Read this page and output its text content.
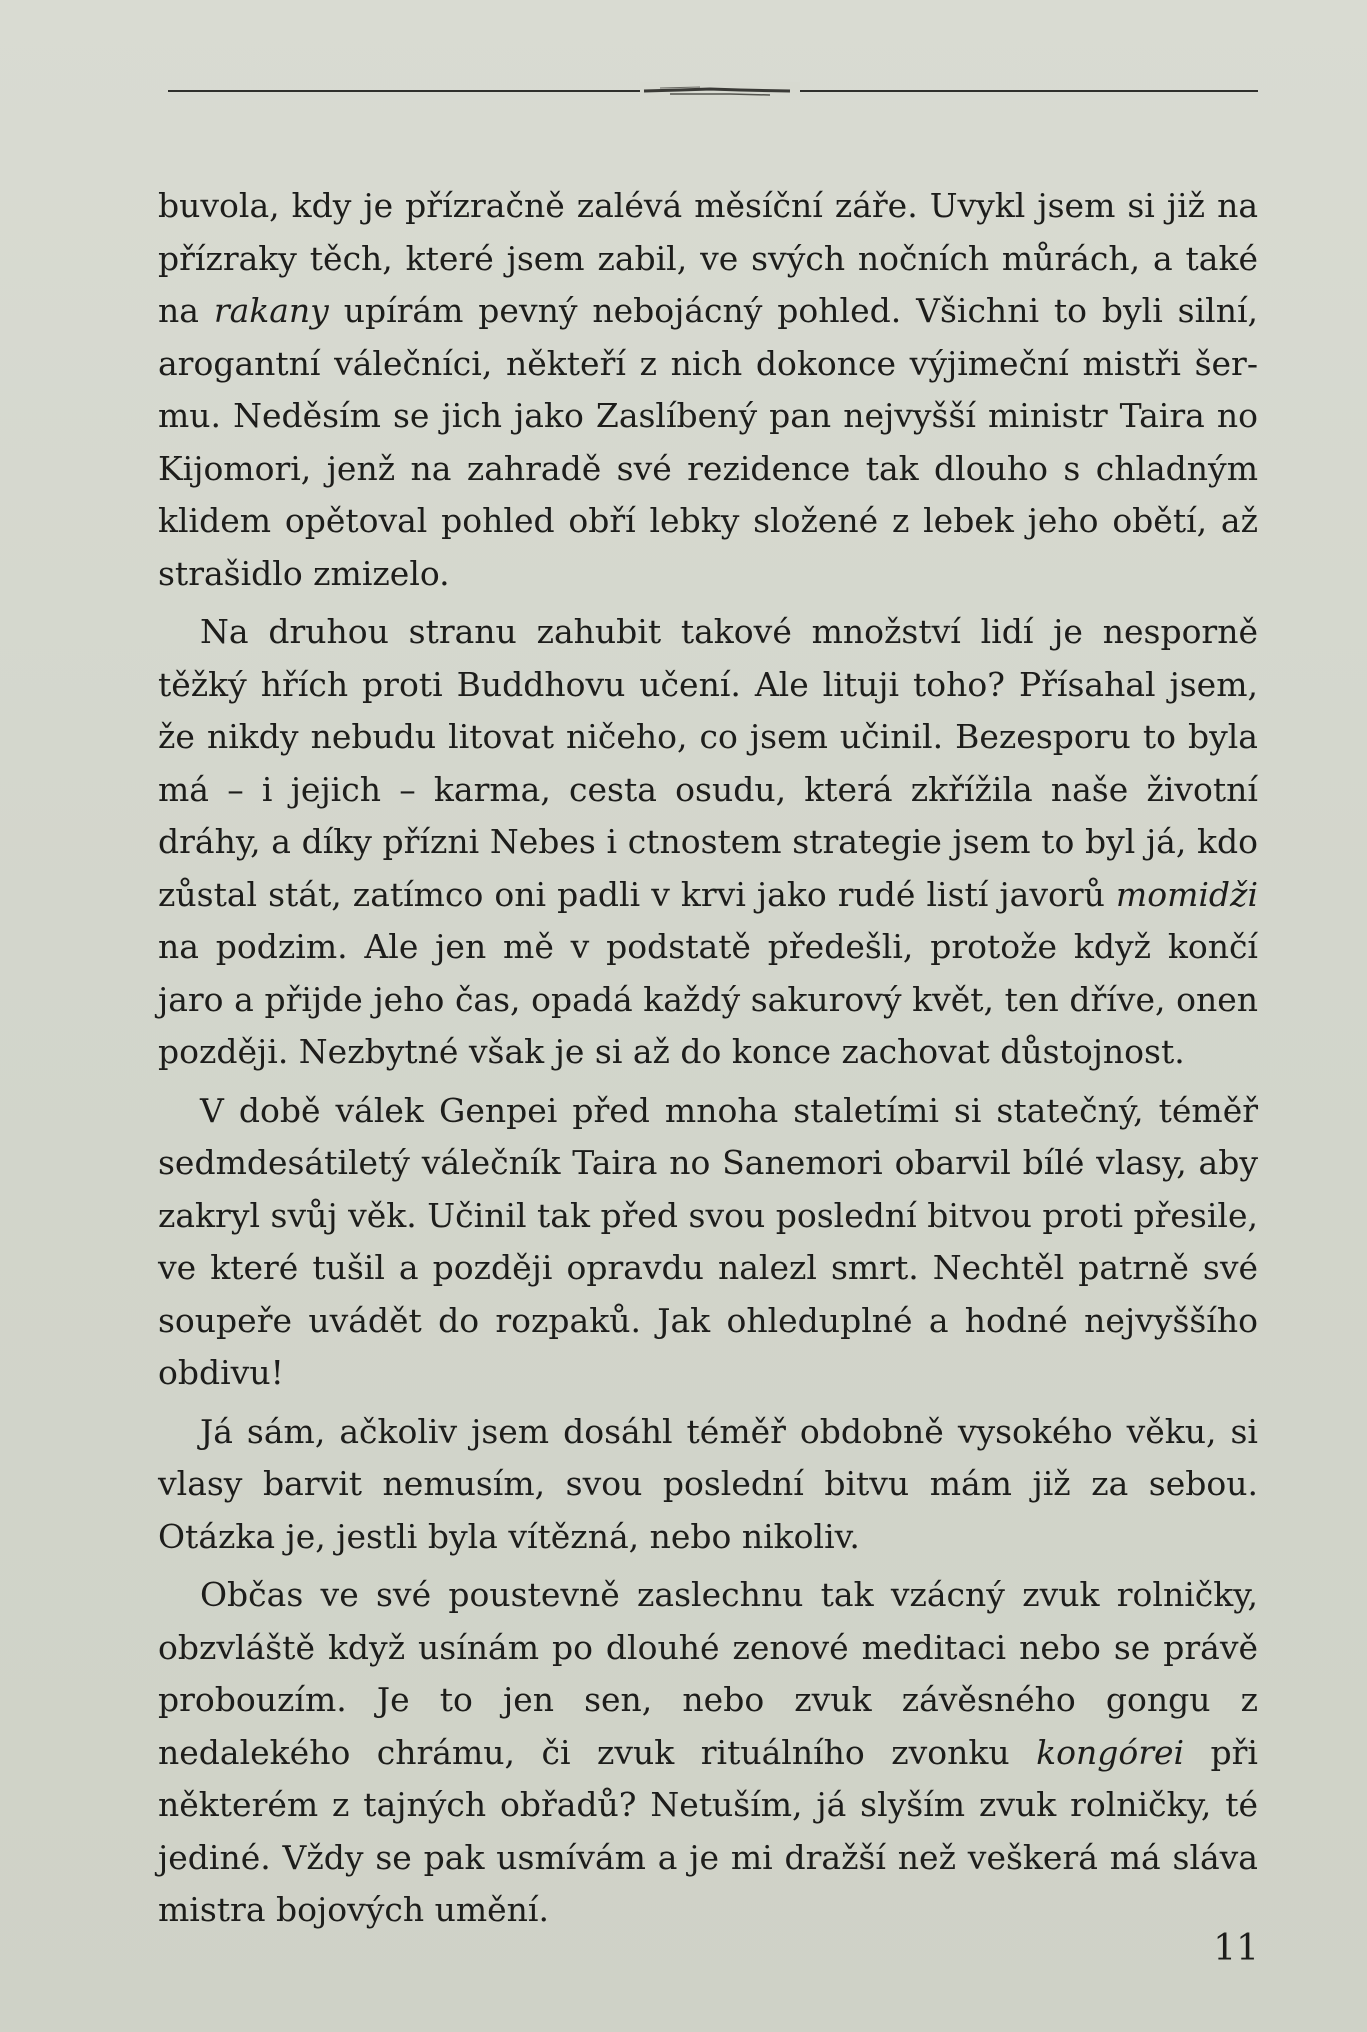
buvola, kdy je přízračně zalévá měsíční záře. Uvykl jsem si již na přízraky těch, které jsem zabil, ve svých nočních můrách, a také na rakany upírám pevný nebojácný pohled. Všichni to byli silní, arogantní válečníci, někteří z nich dokonce výjimeční mistři šermu. Neděsím se jich jako Zaslíbený pan nejvyšší ministr Taira no Kijomori, jenž na zahradě své rezidence tak dlouho s chladným klidem opětoval pohled obří lebky složené z lebek jeho obětí, až strašidlo zmizelo.

Na druhou stranu zahubit takové množství lidí je nesporně těžký hřích proti Buddhovu učení. Ale lituji toho? Přísahal jsem, že nikdy nebudu litovat ničeho, co jsem učinil. Bezesporu to byla má – i jejich – karma, cesta osudu, která zkřížila naše životní dráhy, a díky přízni Nebes i ctnostem strategie jsem to byl já, kdo zůstal stát, zatímco oni padli v krvi jako rudé listí javorů momidži na podzim. Ale jen mě v podstatě předešli, protože když končí jaro a přijde jeho čas, opadá každý sakurový květ, ten dříve, onen později. Nezbytné však je si až do konce zachovat důstojnost.

V době válek Genpei před mnoha staletími si statečný, téměř sedmdesátiletý válečník Taira no Sanemori obarvil bílé vlasy, aby zakryl svůj věk. Učinil tak před svou poslední bitvou proti přesile, ve které tušil a později opravdu nalezl smrt. Nechtěl patrně své soupeře uvádět do rozpaků. Jak ohleduplné a hodné nejvyššího obdivu!

Já sám, ačkoliv jsem dosáhl téměř obdobně vysokého věku, si vlasy barvit nemusím, svou poslední bitvu mám již za sebou. Otázka je, jestli byla vítězná, nebo nikoliv.

Občas ve své poustevně zaslechnu tak vzácný zvuk rolničky, obzvláště když usínám po dlouhé zenové meditaci nebo se právě probouzím. Je to jen sen, nebo zvuk závěsného gongu z nedalekého chrámu, či zvuk rituálního zvonku kongórei při některém z tajných obřadů? Netuším, já slyším zvuk rolničky, té jediné. Vždy se pak usmívám a je mi dražší než veškerá má sláva mistra bojových umění.

11
